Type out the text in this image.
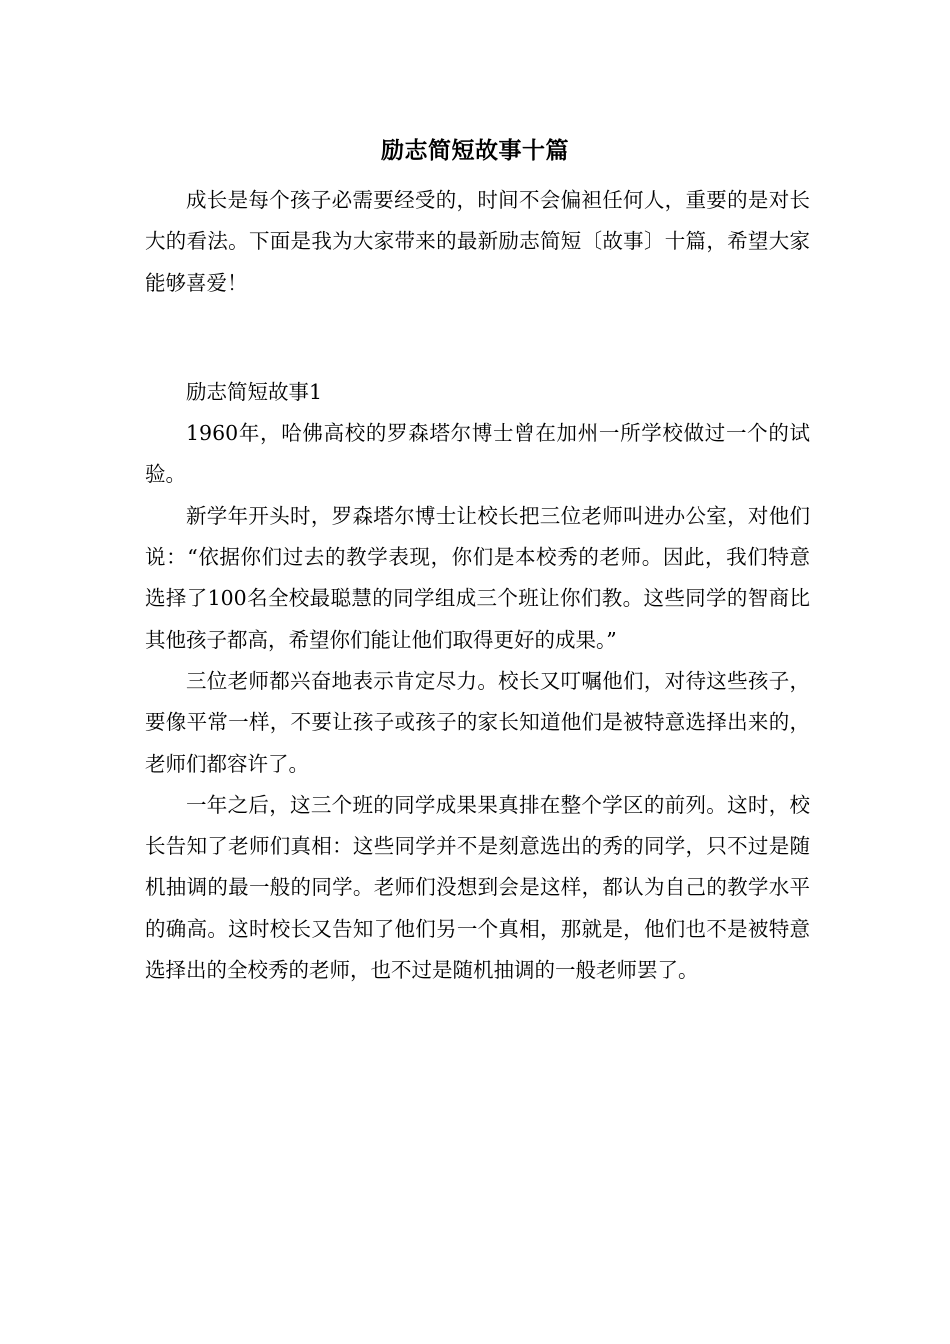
励志简短故事十篇

成长是每个孩子必需要经受的，时间不会偏袒任何人，重要的是对长大的看法。下面是我为大家带来的最新励志简短〔故事〕十篇，希望大家能够喜爱！

励志简短故事1

1960年，哈佛高校的罗森塔尔博士曾在加州一所学校做过一个的试验。

新学年开头时，罗森塔尔博士让校长把三位老师叫进办公室，对他们说：“依据你们过去的教学表现，你们是本校秀的老师。因此，我们特意选择了100名全校最聪慧的同学组成三个班让你们教。这些同学的智商比其他孩子都高，希望你们能让他们取得更好的成果。”

三位老师都兴奋地表示肯定尽力。校长又叮嘱他们，对待这些孩子，要像平常一样，不要让孩子或孩子的家长知道他们是被特意选择出来的，老师们都容许了。

一年之后，这三个班的同学成果果真排在整个学区的前列。这时，校长告知了老师们真相：这些同学并不是刻意选出的秀的同学，只不过是随机抽调的最一般的同学。老师们没想到会是这样，都认为自己的教学水平的确高。这时校长又告知了他们另一个真相，那就是，他们也不是被特意选择出的全校秀的老师，也不过是随机抽调的一般老师罢了。
